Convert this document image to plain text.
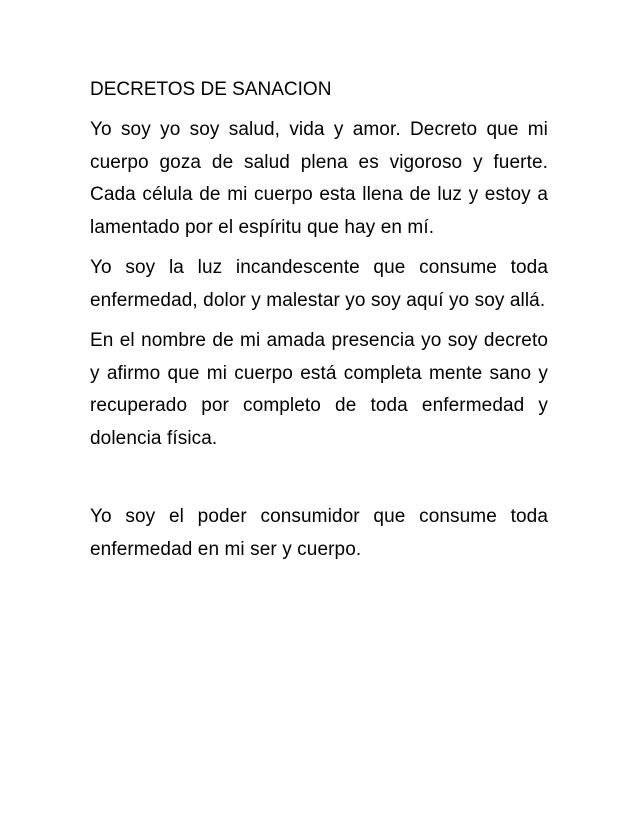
DECRETOS DE SANACION

Yo soy yo soy salud, vida y amor. Decreto que mi cuerpo goza de salud plena es vigoroso y fuerte. Cada célula de mi cuerpo esta llena de luz y estoy a lamentado por el espíritu que hay en mí.

Yo soy la luz incandescente que consume toda enfermedad, dolor y malestar yo soy aquí yo soy allá.

En el nombre de mi amada presencia yo soy decreto y afirmo que mi cuerpo está completa mente sano y recuperado por completo de toda enfermedad y dolencia física.

Yo soy el poder consumidor que consume toda enfermedad en mi ser y cuerpo.
